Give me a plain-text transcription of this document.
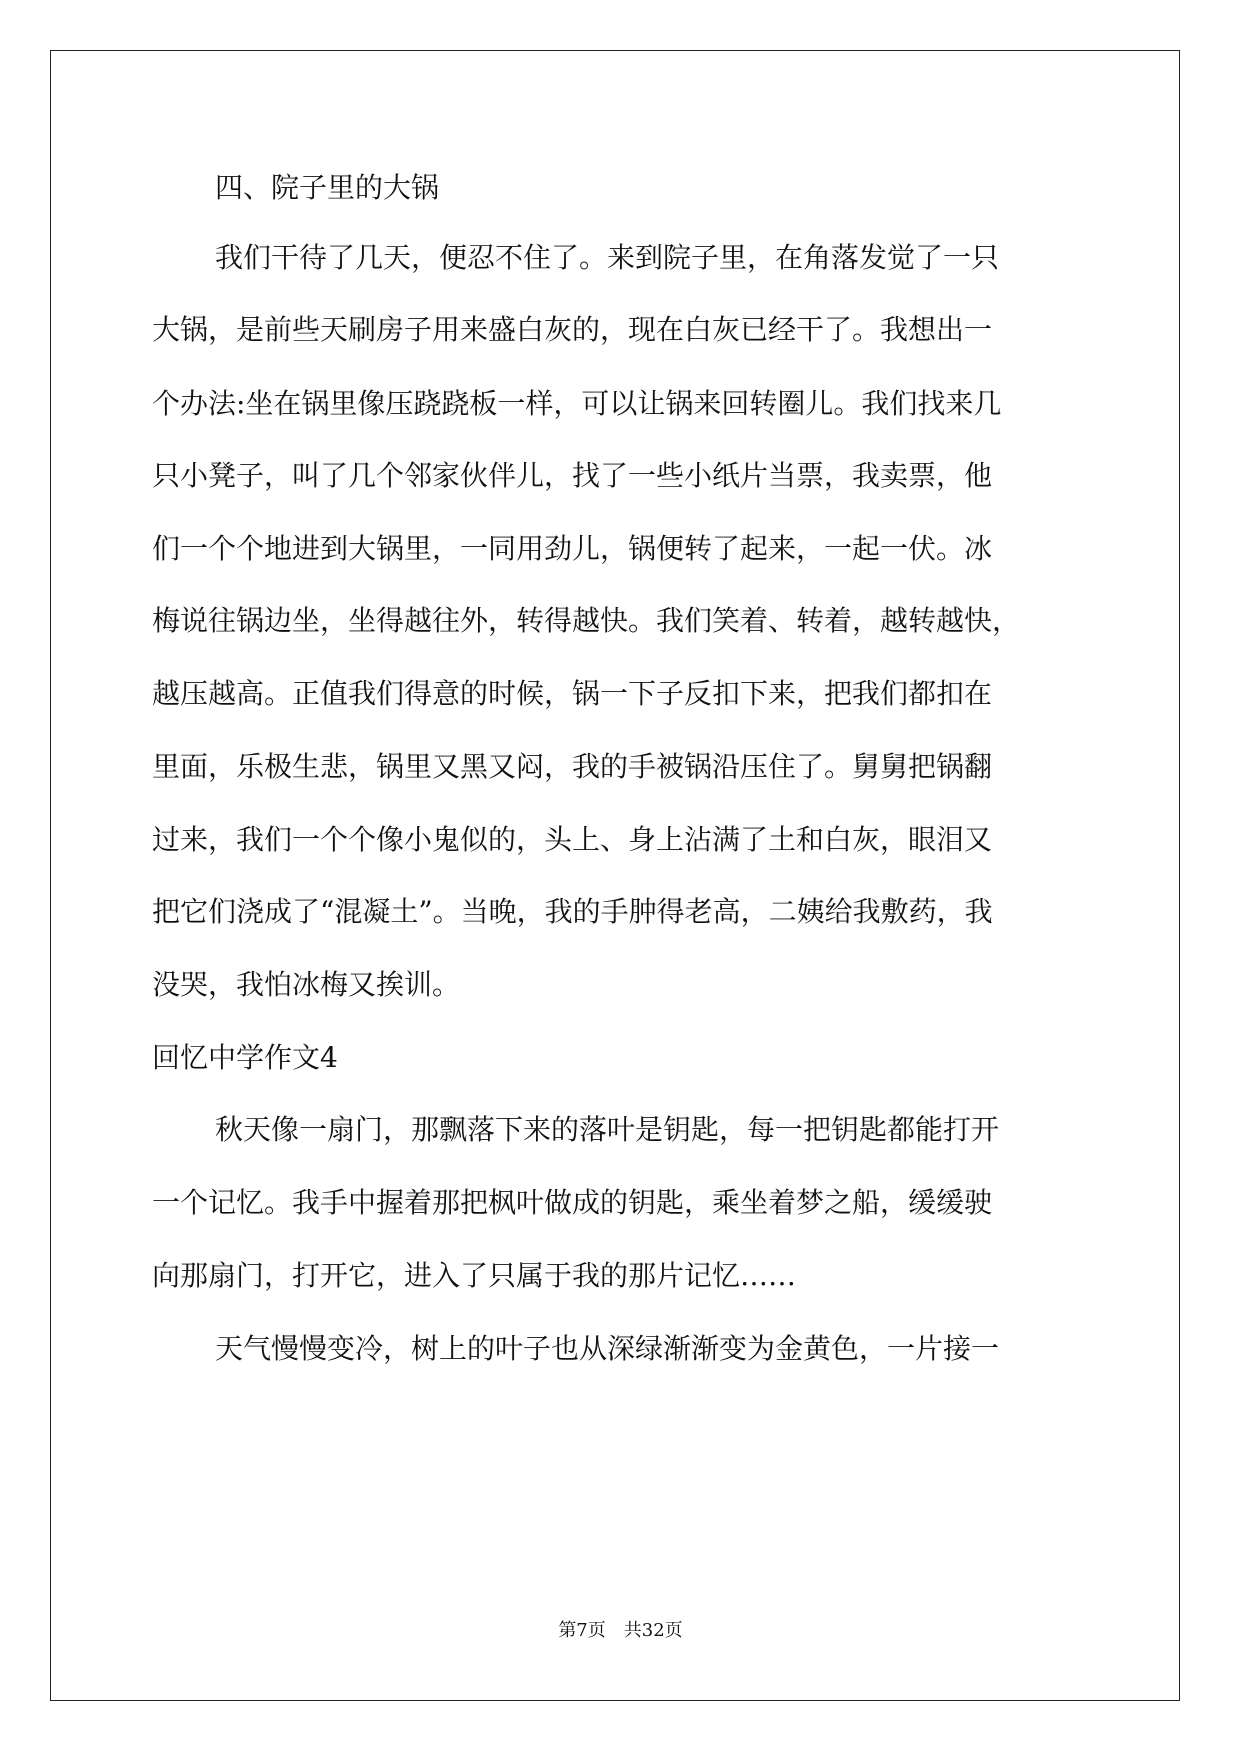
四、院子里的大锅
我们干待了几天，便忍不住了。来到院子里，在角落发觉了一只
大锅，是前些天刷房子用来盛白灰的，现在白灰已经干了。我想出一
个办法:坐在锅里像压跷跷板一样，可以让锅来回转圈儿。我们找来几
只小凳子，叫了几个邻家伙伴儿，找了一些小纸片当票，我卖票，他
们一个个地进到大锅里，一同用劲儿，锅便转了起来，一起一伏。冰
梅说往锅边坐，坐得越往外，转得越快。我们笑着、转着，越转越快，
越压越高。正值我们得意的时候，锅一下子反扣下来，把我们都扣在
里面，乐极生悲，锅里又黑又闷，我的手被锅沿压住了。舅舅把锅翻
过来，我们一个个像小鬼似的，头上、身上沾满了土和白灰，眼泪又
把它们浇成了“混凝土”。当晚，我的手肿得老高，二姨给我敷药，我
没哭，我怕冰梅又挨训。
回忆中学作文4
秋天像一扇门，那飘落下来的落叶是钥匙，每一把钥匙都能打开
一个记忆。我手中握着那把枫叶做成的钥匙，乘坐着梦之船，缓缓驶
向那扇门，打开它，进入了只属于我的那片记忆……
天气慢慢变冷，树上的叶子也从深绿渐渐变为金黄色，一片接一
第7页　共32页
